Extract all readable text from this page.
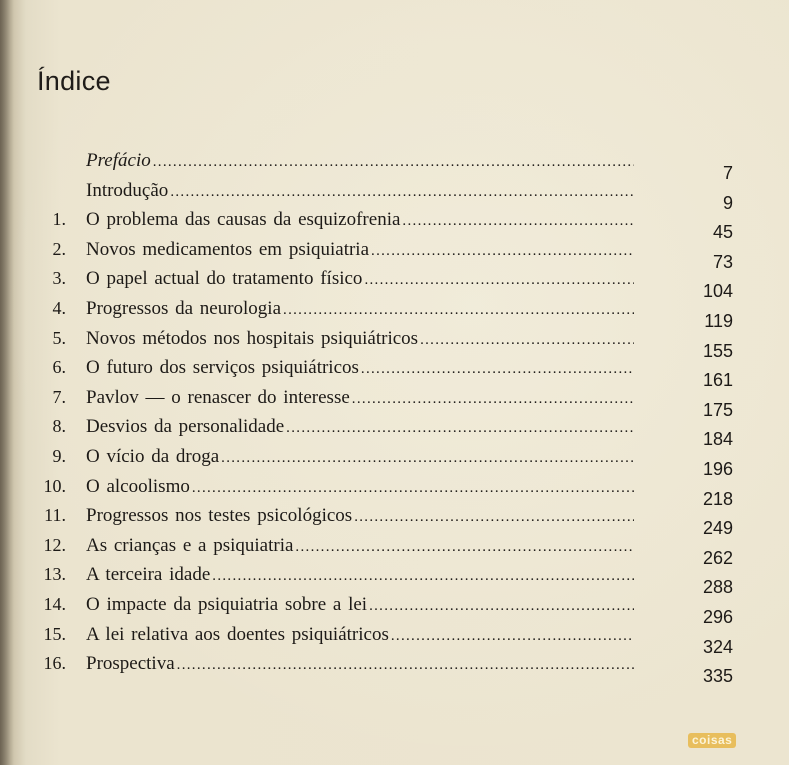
Índice
Prefácio
.....
7
Introdução
.....
9
1. O problema das causas da esquizofrenia
.....
45
2. Novos medicamentos em psiquiatria
.....
73
3. O papel actual do tratamento físico
.....
104
4. Progressos da neurologia
.....
119
5. Novos métodos nos hospitais psiquiátricos
.....
155
6. O futuro dos serviços psiquiátricos
.....
161
7. Pavlov — o renascer do interesse
.....
175
8. Desvios da personalidade
.....
184
9. O vício da droga
.....
196
10. O alcoolismo
.....
218
11. Progressos nos testes psicológicos
.....
249
12. As crianças e a psiquiatria
.....
262
13. A terceira idade
.....
288
14. O impacte da psiquiatria sobre a lei
.....
296
15. A lei relativa aos doentes psiquiátricos
.....
324
16. Prospectiva
.....
335
coisas
